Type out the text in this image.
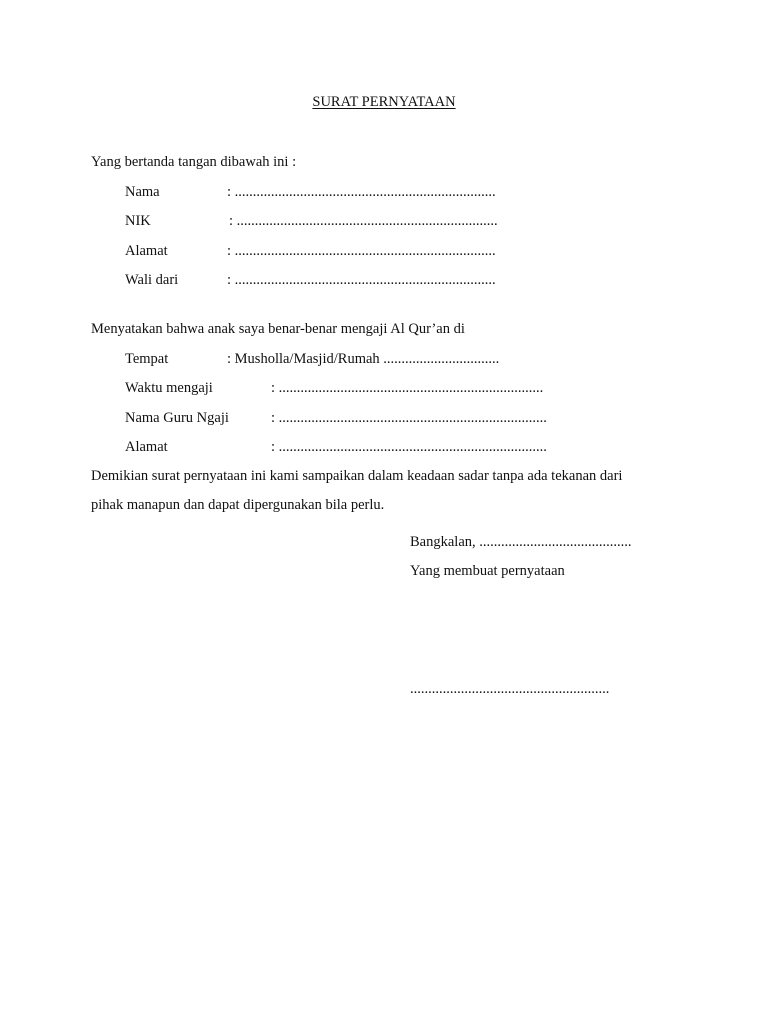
SURAT PERNYATAAN
Yang bertanda tangan dibawah ini :
Nama	: ........................................................................
NIK	: ........................................................................
Alamat	: ........................................................................
Wali dari	: ........................................................................
Menyatakan bahwa anak saya benar-benar mengaji Al Qur’an di
Tempat	: Musholla/Masjid/Rumah ................................
Waktu mengaji	: .........................................................................
Nama Guru Ngaji	: ..........................................................................
Alamat	: ..........................................................................
Demikian surat pernyataan ini kami sampaikan dalam keadaan sadar tanpa ada tekanan dari
pihak manapun dan dapat dipergunakan bila perlu.
Bangkalan, ..........................................
Yang membuat pernyataan
.......................................................
